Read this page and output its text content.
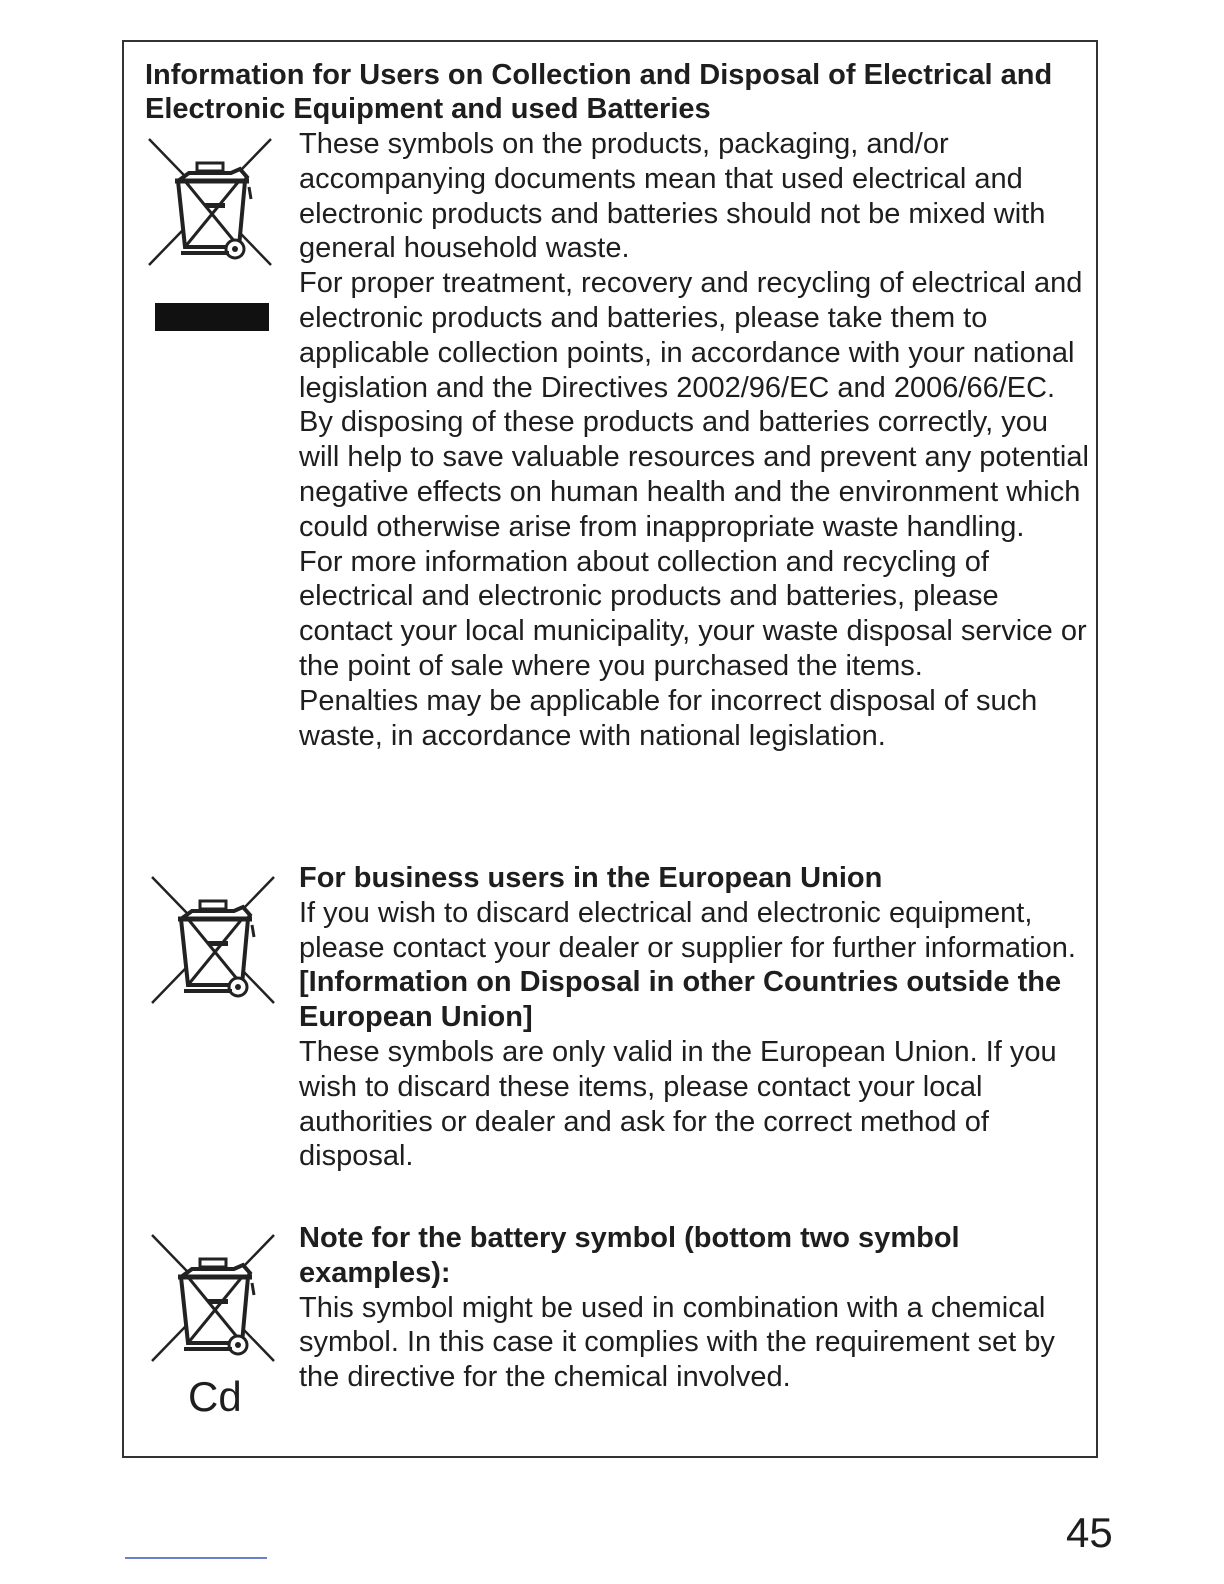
Information for Users on Collection and Disposal of Electrical and Electronic Equipment and used Batteries

These symbols on the products, packaging, and/or accompanying documents mean that used electrical and electronic products and batteries should not be mixed with general household waste.

For proper treatment, recovery and recycling of electrical and electronic products and batteries, please take them to applicable collection points, in accordance with your national legislation and the Directives 2002/96/EC and 2006/66/EC.

By disposing of these products and batteries correctly, you will help to save valuable resources and prevent any potential negative effects on human health and the environment which could otherwise arise from inappropriate waste handling.

For more information about collection and recycling of electrical and electronic products and batteries, please contact your local municipality, your waste disposal service or the point of sale where you purchased the items.

Penalties may be applicable for incorrect disposal of such waste, in accordance with national legislation.

For business users in the European Union

If you wish to discard electrical and electronic equipment, please contact your dealer or supplier for further information.

[Information on Disposal in other Countries outside the European Union]

These symbols are only valid in the European Union. If you wish to discard these items, please contact your local authorities or dealer and ask for the correct method of disposal.

Cd

Note for the battery symbol (bottom two symbol examples):

This symbol might be used in combination with a chemical symbol. In this case it complies with the requirement set by the directive for the chemical involved.

45
